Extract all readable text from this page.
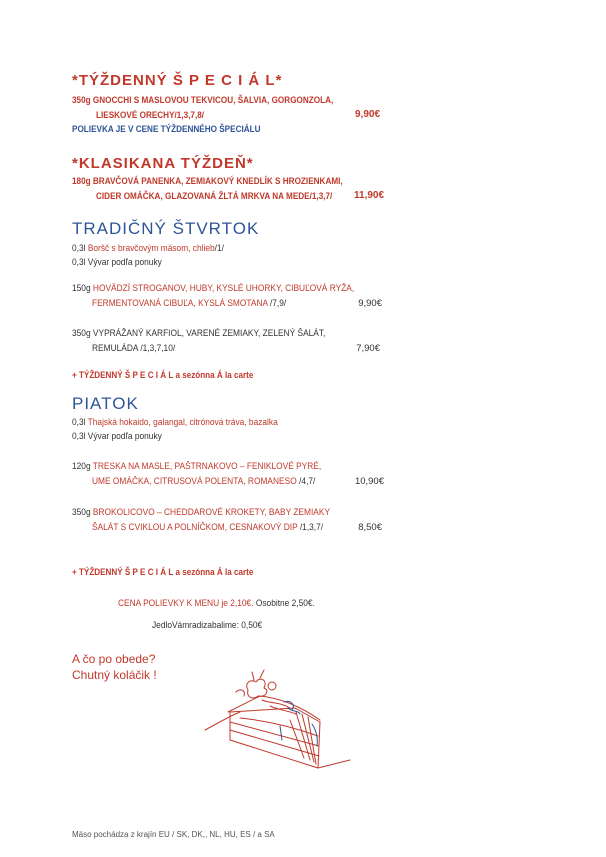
*TÝŽDENNÝ Š P E C I Á L*
350g GNOCCHI S MASLOVOU TEKVICOU, ŠALVIA, GORGONZOLA,
LIESKOVÉ ORECHY/1,3,7,8/	9,90€
POLIEVKA JE V CENE TÝŽDENNÉHO ŠPECIÁLU
*KLASIKANA TÝŽDEŇ*
180g BRAVČOVÁ PANENKA, ZEMIAKOVÝ KNEDLÍK S HROZIENKAMI,
CIDER OMÁČKA, GLAZOVANÁ ŽLTÁ MRKVA NA MEDE/1,3,7/ 11,90€
TRADIČNÝ ŠTVRTOK
0,3l Boršč s bravčovým mäsom, chlieb/1/
0,3l Vývar podľa ponuky
150g HOVÄDZÍ STROGANOV, HUBY, KYSLÉ UHORKY, CIBUĽOVÁ RYŽA,
FERMENTOVANÁ CIBUĽA, KYSLÁ SMOTANA /7,9/	9,90€
350g VYPRÁŽANÝ KARFIOL, VARENÉ ZEMIAKY, ZELENÝ ŠALÁT,
REMULÁDA /1,3,7,10/	7,90€
+ TÝŽDENNÝ Š P E C I Á L a sezónna Á la carte
PIATOK
0,3l Thajská hokaido, galangal, citrónová tráva, bazalka
0,3l Vývar podľa ponuky
120g TRESKA NA MASLE, PAŠTRNAKOVO – FENIKLOVÉ PYRÉ,
UME OMÁČKA, CITRUSOVÁ POLENTA, ROMANESO /4,7/	10,90€
350g BROKOLICOVO – CHEDDAROVÉ KROKETY, BABY ZEMIAKY
ŠALÁT S CVIKLOU A POLNÍČKOM, CESNAKOVÝ DIP /1,3,7/	8,50€
+ TÝŽDENNÝ Š P E C I Á L a sezónna Á la carte
CENA POLIEVKY K MENU je 2,10€. Osobitne 2,50€.
JedloVámradizabalime: 0,50€
A čo po obede?
Chutný koláčik !
Mäso pochádza z krajín EU / SK, DK,, NL, HU, ES / a SA
